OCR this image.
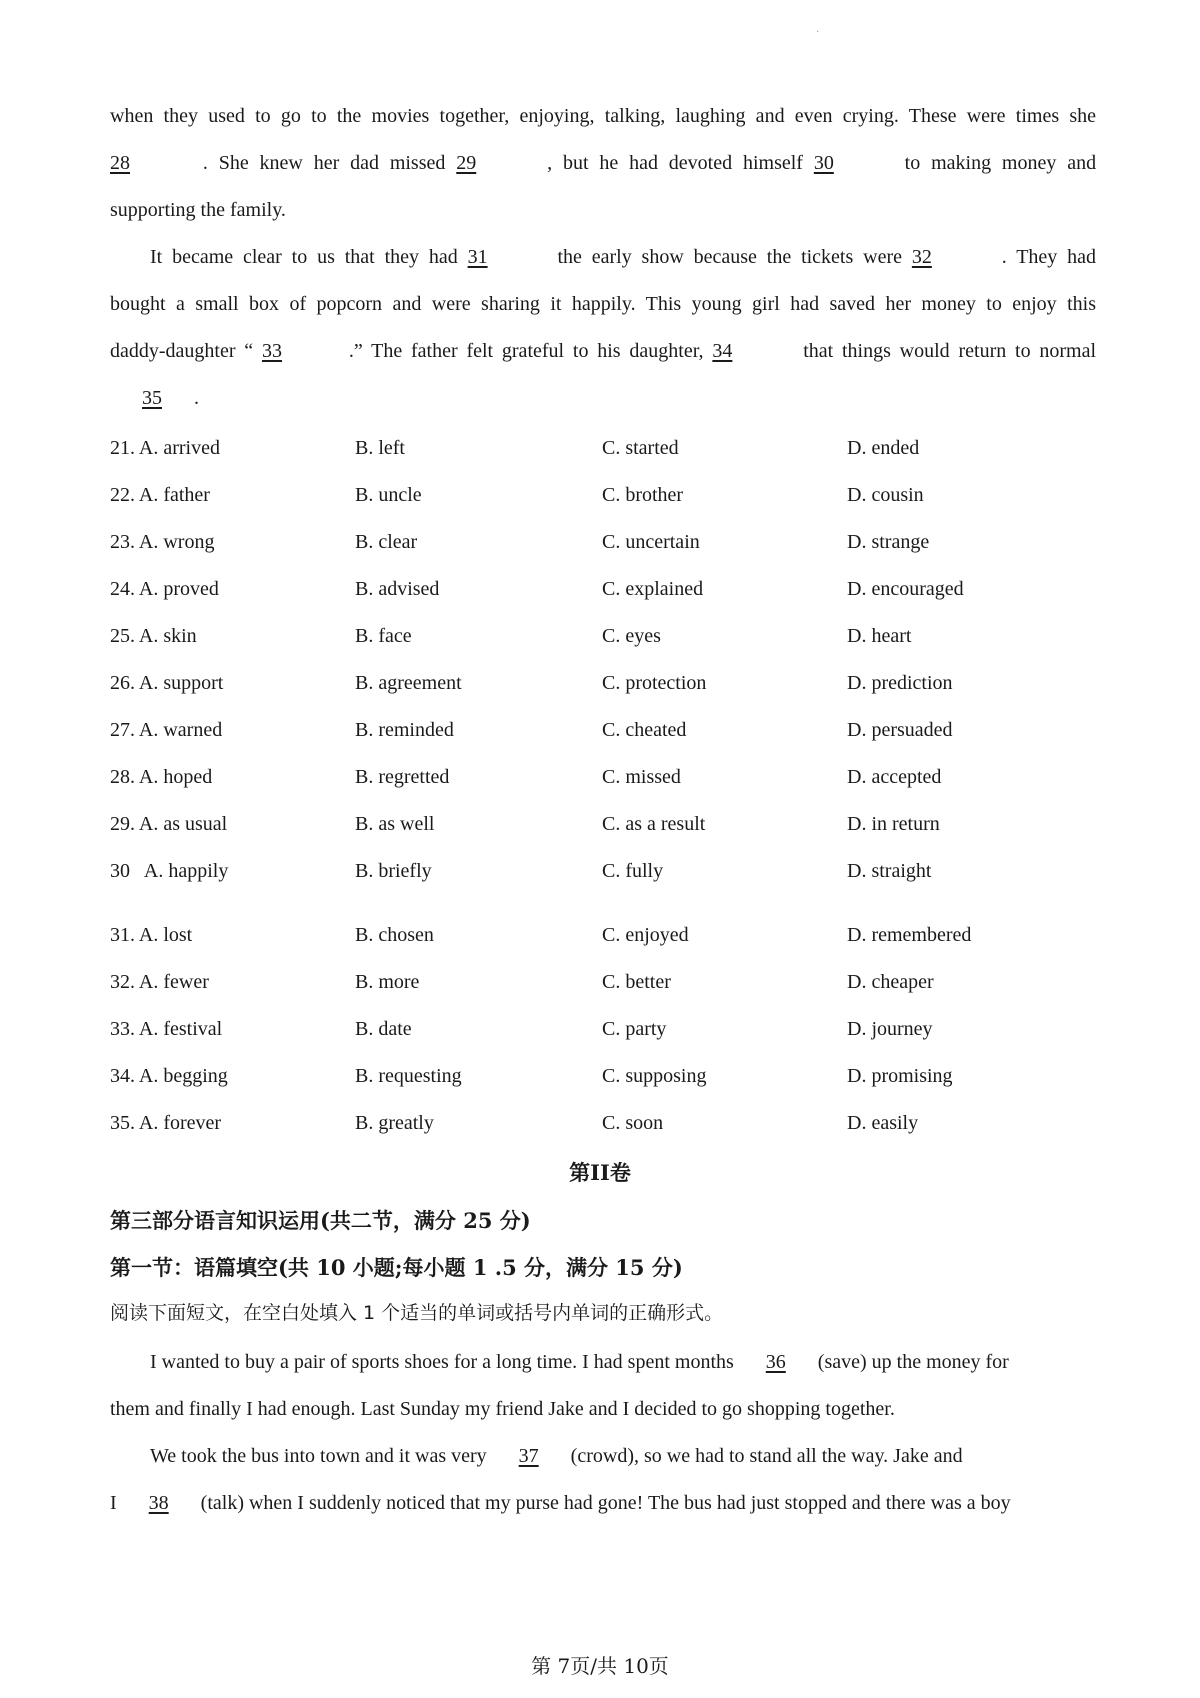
·
when they used to go to the movies together, enjoying, talking, laughing and even crying. These were times she
28	. She knew her dad missed 29	, but he had devoted himself 30	to making money and
supporting the family.
It became clear to us that they had 31	the early show because the tickets were 32	. They had
bought a small box of popcorn and were sharing it happily. This young girl had saved her money to enjoy this
daddy-daughter “ 33	.” The father felt grateful to his daughter, 34	that things would return to normal
35 .
21. A. arrived	B. left	C. started	D. ended
22. A. father	B. uncle	C. brother	D. cousin
23. A. wrong	B. clear	C. uncertain	D. strange
24. A. proved	B. advised	C. explained	D. encouraged
25. A. skin	B. face	C. eyes	D. heart
26. A. support	B. agreement	C. protection	D. prediction
27. A. warned	B. reminded	C. cheated	D. persuaded
28. A. hoped	B. regretted	C. missed	D. accepted
29. A. as usual	B. as well	C. as a result	D. in return
30   A. happily	B. briefly	C. fully	D. straight
31. A. lost	B. chosen	C. enjoyed	D. remembered
32. A. fewer	B. more	C. better	D. cheaper
33. A. festival	B. date	C. party	D. journey
34. A. begging	B. requesting	C. supposing	D. promising
35. A. forever	B. greatly	C. soon	D. easily
第II卷
第三部分语言知识运用(共二节，满分 25 分)
第一节：语篇填空(共 10 小题;每小题 1 .5 分，满分 15 分)
阅读下面短文，在空白处填入 1 个适当的单词或括号内单词的正确形式。
I wanted to buy a pair of sports shoes for a long time. I had spent months 36 (save) up the money for
them and finally I had enough. Last Sunday my friend Jake and I decided to go shopping together.
We took the bus into town and it was very 37 (crowd), so we had to stand all the way. Jake and
I 38 (talk) when I suddenly noticed that my purse had gone! The bus had just stopped and there was a boy
第 7页/共 10页
